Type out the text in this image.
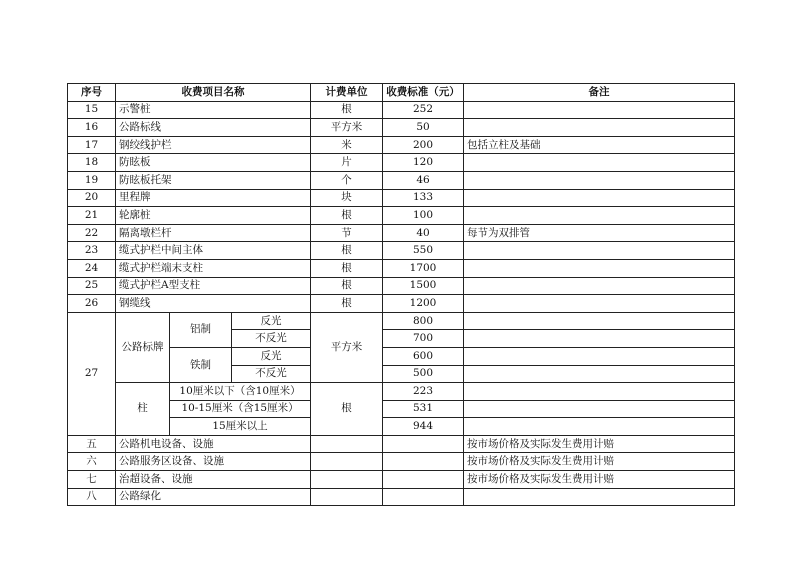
序号	收费项目名称			计费单位	收费标准（元）	备注
15	示警桩			根	252	
16	公路标线			平方米	50	
17	钢绞线护栏			米	200	包括立柱及基础
18	防眩板			片	120	
19	防眩板托架			个	46	
20	里程牌			块	133	
21	轮廓桩			根	100	
22	隔离墩栏杆			节	40	每节为双排管
23	缆式护栏中间主体			根	550	
24	缆式护栏端末支柱			根	1700	
25	缆式护栏A型支柱			根	1500	
26	钢缆线			根	1200	
27	公路标牌	铝制	反光	平方米	800	
			不反光		700	
		铁制	反光		600	
			不反光		500	
	柱	10厘米以下（含10厘米）		根	223	
		10-15厘米（含15厘米）			531	
		15厘米以上			944	
五	公路机电设备、设施					按市场价格及实际发生费用计赔
六	公路服务区设备、设施					按市场价格及实际发生费用计赔
七	治超设备、设施					按市场价格及实际发生费用计赔
八	公路绿化					
